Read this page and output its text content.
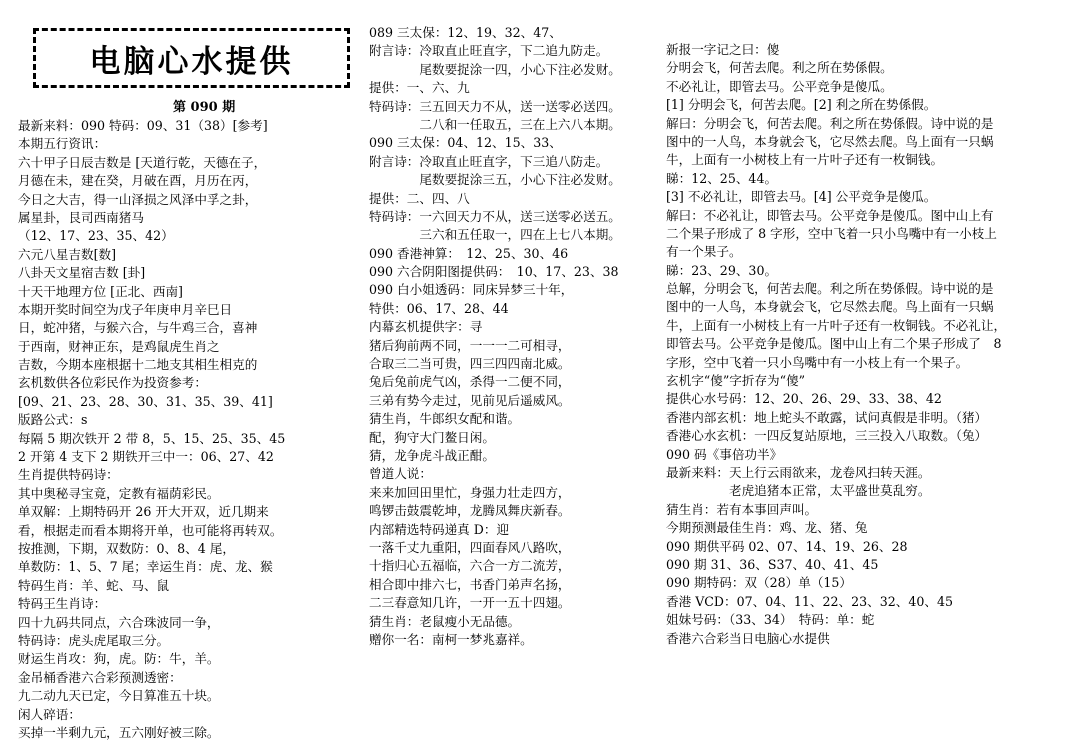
电脑心水提供
第 090 期
最新来料：090 特码：09、31（38）[参考]
本期五行资讯：
六十甲子日辰吉数是 [天道行乾，天德在子，
月德在未，建在癸，月破在酉，月历在丙，
今日之大吉，得一山泽损之风泽中孚之卦，
属星卦，艮司西南猪马
（12、17、23、35、42）
六元八星吉数[数]
八卦天文星宿吉数 [卦]
十天干地理方位 [正北、西南]
本期开奖时间空为戊子年庚申月辛巳日
日，蛇冲猪，与猴六合，与牛鸡三合，喜神
于西南，财神正东，是鸡鼠虎生肖之
吉数，今期本座根据十二地支其相生相克的
玄机数供各位彩民作为投资参考：
[09、21、23、28、30、31、35、39、41]
版路公式：s
每隔 5 期次铁开 2 带 8，5、15、25、35、45
2 开第 4 支下 2 期铁开三中一：06、27、42
生肖提供特码诗：
其中奥秘寻宝竟，定教有福荫彩民。
单双解：上期特码开 26 开大开双，近几期来
看，根据走而看本期将开单，也可能将再转双。
按推测，下期，双数防：0、8、4 尾，
单数防：1、5、7 尾；幸运生肖：虎、龙、猴
特码生肖：羊、蛇、马、鼠
特码王生肖诗：
四十九码共同点，六合珠波同一争，
特码诗：虎头虎尾取三分。
财运生肖攻：狗，虎。防：牛，羊。
金吊桶香港六合彩预测透密：
九二动九天已定，今日算准五十块。
闲人碎语：
买掉一半剩九元，五六刚好被三除。
089 三太保：12、19、32、47、
附言诗：冷取直止旺直字，下二追九防走。
　　　　尾数要捉涂一四，小心下注必发财。
提供：一、六、九
特码诗：三五回天力不从，送一送零必送四。
　　　　二八和一任取五，三在上六八本期。
090 三太保：04、12、15、33、
附言诗：冷取直止旺直字，下三追八防走。
　　　　尾数要捉涂三五，小心下注必发财。
提供：二、四、八
特码诗：一六回天力不从，送三送零必送五。
　　　　三六和五任取一，四在上七八本期。
090 香港神算：　12、25、30、46
090 六合阴阳图提供码：　10、17、23、38
090 白小姐透码：同床异梦三十年，
特供：06、17、28、44
内幕玄机提供字：寻
猪后狗前两不同，一一一二可相寻，
合取三二当可贵，四三四四南北威。
兔后兔前虎气凶，杀得一二便不同，
三弟有势今走过，见前见后遥威风。
猜生肖，牛郎织女配和谐。
配，狗守大门鳌日闲。
猜，龙争虎斗战正酣。
曾道人说：
来来加回田里忙，身强力壮走四方，
鸣锣击鼓震乾坤，龙腾凤舞庆新春。
内部精选特码递真 D：迎
一落千丈九重阳，四面春风八路吹，
十指归心五福临，六合一方二流芳，
相合即中排六七，书香门弟声名扬，
二三春意知几许，一开一五十四翅。
猜生肖：老鼠瘦小无品德。
赠你一名：南柯一梦兆嘉祥。
新报一字记之曰：傻
分明会飞，何苦去爬。利之所在势係假。
不必礼让，即管去马。公平竞争是傻瓜。
[1] 分明会飞，何苦去爬。[2] 利之所在势係假。
解曰：分明会飞，何苦去爬。利之所在势係假。诗中说的是
图中的一人鸟，本身就会飞，它尽然去爬。鸟上面有一只蜗
牛，上面有一小树枝上有一片叶子还有一枚铜钱。
睇：12、25、44。
[3] 不必礼让，即管去马。[4] 公平竞争是傻瓜。
解曰：不必礼让，即管去马。公平竞争是傻瓜。图中山上有
二个果子形成了 8 字形，空中飞着一只小鸟嘴中有一小枝上
有一个果子。
睇：23、29、30。
总解，分明会飞，何苦去爬。利之所在势係假。诗中说的是
图中的一人鸟，本身就会飞，它尽然去爬。鸟上面有一只蜗
牛，上面有一小树枝上有一片叶子还有一枚铜钱。不必礼让，
即管去马。公平竞争是傻瓜。图中山上有二个果子形成了　8
字形，空中飞着一只小鸟嘴中有一小枝上有一个果子。
玄机字“傻”字折存为“傻”
提供心水号码：12、20、26、29、33、38、42
香港内部玄机：地上蛇头不敢露，试问真假是非明。（猪）
香港心水玄机：一四反复站原地，三三投入八取数。（兔）
090 码《事倍功半》
最新来料：天上行云雨欲来，龙卷风扫转天涯。
　　　　　老虎追猪本正常，太平盛世莫乱穷。
猜生肖：若有本事回声叫。
今期预测最佳生肖：鸡、龙、猪、兔
090 期供平码 02、07、14、19、26、28
090 期 31、36、S37、40、41、45
090 期特码：双（28）单（15）
香港 VCD：07、04、11、22、23、32、40、45
姐妹号码：（33、34）　特码：单：蛇
香港六合彩当日电脑心水提供
